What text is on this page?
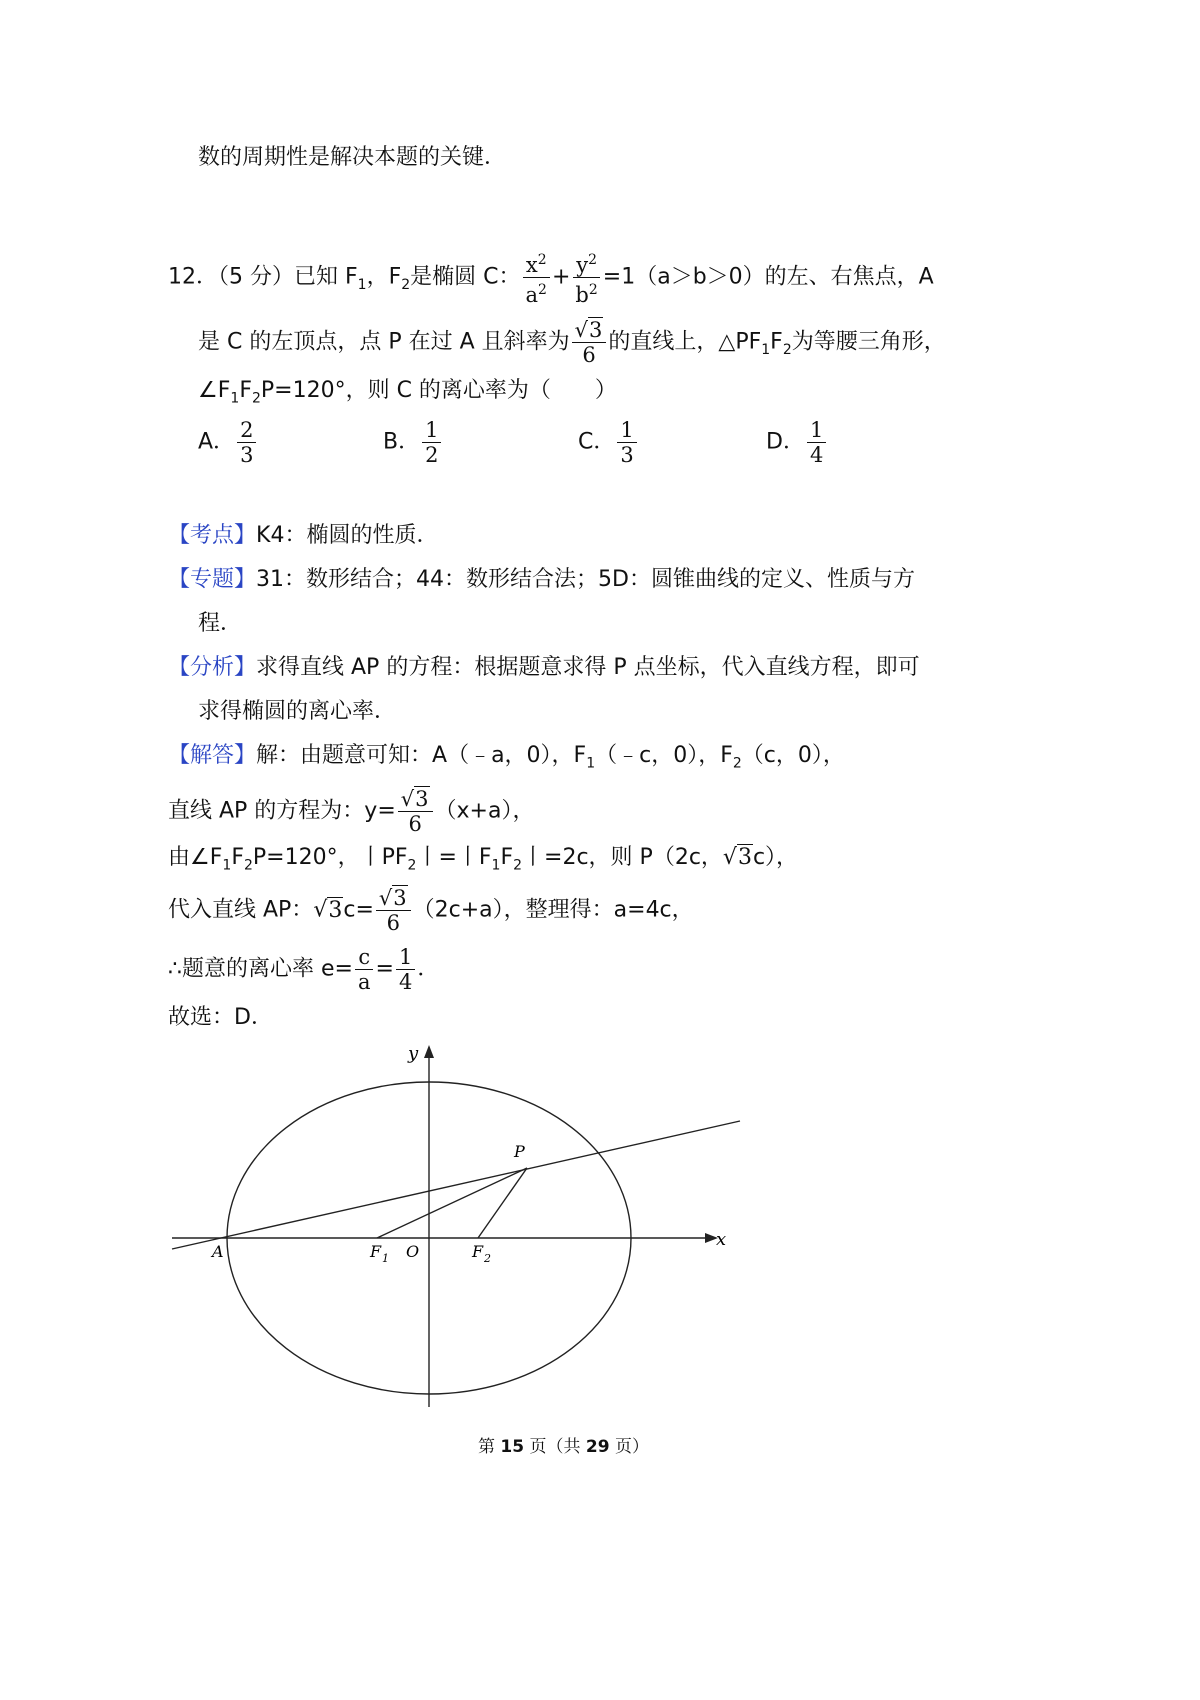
数的周期性是解决本题的关键．
12．（5 分）已知 $F_1$，$F_2$是椭圆 C： $\frac{x^2}{a^2} + \frac{y^2}{b^2} =1(a>b>0)$的左、右焦点，A
是 C 的左顶点，点 P 在过 A 且斜率为 $\frac{√3}{6}$ 的直线上，$\triangle PF_1F_2$为等腰三角形，
$\angle F_1F_2P=120^\circ$，则 C 的离心率为（　　）
A． $\frac{2}{3}$	B． $\frac{1}{2}$	C． $\frac{1}{3}$	D． $\frac{1}{4}$
【考点】K4：椭圆的性质．
【专题】31：数形结合；44：数形结合法；5D：圆锥曲线的定义、性质与方
程．
【分析】求得直线 AP 的方程：根据题意求得 P 点坐标，代入直线方程，即可
求得椭圆的离心率．
【解答】解：由题意可知：A（﹣a，0），$F_1(﹣c$，0），$F_2(c$，0），
直线 AP 的方程为：$y= \frac{√3}{6} (x+a)$，
由$\angle F_1F_2P=120^\circ$，丨$PF_2$丨=丨$F_1F_2$丨=2c，则 P（2c，√3c），
代入直线 AP：$√3c= \frac{√3}{6} (2c+a)$，整理得：a=4c，
∴题意的离心率 $e= \frac{c}{a} = \frac{1}{4}$ ．
故选：D．
y
x
A	O
P
F 1	F 2
第 15 页（共 29 页）
